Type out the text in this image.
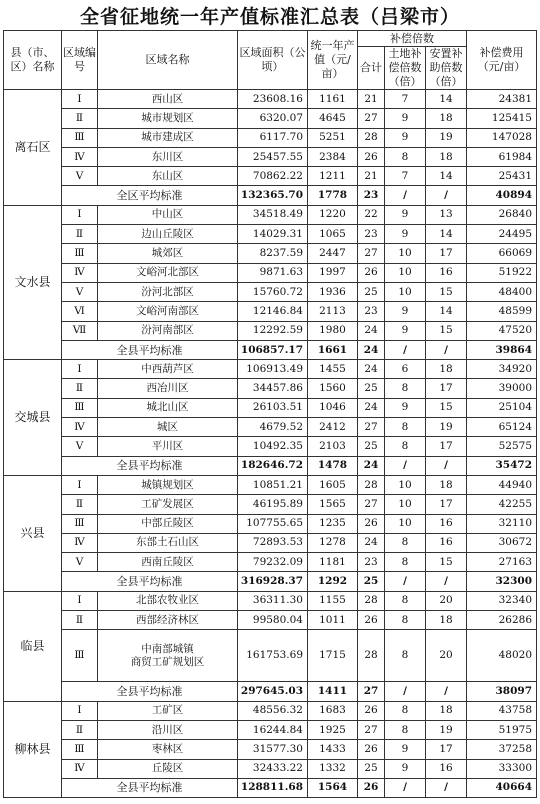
全省征地统一年产值标准汇总表（吕梁市）
县（市、区）名称	区域编号	区域名称	区域面积（公顷）	统一年产值（元/亩）	补偿倍数			补偿费用（元/亩）
					合计	土地补偿倍数（倍）	安置补助倍数（倍）	
离石区	Ⅰ	西山区	23608.16	1161	21	7	14	24381
	Ⅱ	城市规划区	6320.07	4645	27	9	18	125415
	Ⅲ	城市建成区	6117.70	5251	28	9	19	147028
	Ⅳ	东川区	25457.55	2384	26	8	18	61984
	Ⅴ	东山区	70862.22	1211	21	7	14	25431
	全区平均标准		132365.70	1778	23	/	/	40894
文水县	Ⅰ	中山区	34518.49	1220	22	9	13	26840
	Ⅱ	边山丘陵区	14029.31	1065	23	9	14	24495
	Ⅲ	城郊区	8237.59	2447	27	10	17	66069
	Ⅳ	文峪河北部区	9871.63	1997	26	10	16	51922
	Ⅴ	汾河北部区	15760.72	1936	25	10	15	48400
	Ⅵ	文峪河南部区	12146.84	2113	23	9	14	48599
	Ⅶ	汾河南部区	12292.59	1980	24	9	15	47520
	全县平均标准		106857.17	1661	24	/	/	39864
交城县	Ⅰ	中西葫芦区	106913.49	1455	24	6	18	34920
	Ⅱ	西冶川区	34457.86	1560	25	8	17	39000
	Ⅲ	城北山区	26103.51	1046	24	9	15	25104
	Ⅳ	城区	4679.52	2412	27	8	19	65124
	Ⅴ	平川区	10492.35	2103	25	8	17	52575
	全县平均标准		182646.72	1478	24	/	/	35472
兴县	Ⅰ	城镇规划区	10851.21	1605	28	10	18	44940
	Ⅱ	工矿发展区	46195.89	1565	27	10	17	42255
	Ⅲ	中部丘陵区	107755.65	1235	26	10	16	32110
	Ⅳ	东部土石山区	72893.53	1278	24	8	16	30672
	Ⅴ	西南丘陵区	79232.09	1181	23	8	15	27163
	全县平均标准		316928.37	1292	25	/	/	32300
临县	Ⅰ	北部农牧业区	36311.30	1155	28	8	20	32340
	Ⅱ	西部经济林区	99580.04	1011	26	8	18	26286
	Ⅲ	中南部城镇
商贸工矿规划区	161753.69	1715	28	8	20	48020
	全县平均标准		297645.03	1411	27	/	/	38097
柳林县	Ⅰ	工矿区	48556.32	1683	26	8	18	43758
	Ⅱ	沿川区	16244.84	1925	27	8	19	51975
	Ⅲ	枣林区	31577.30	1433	26	9	17	37258
	Ⅳ	丘陵区	32433.22	1332	25	9	16	33300
	全县平均标准		128811.68	1564	26	/	/	40664
